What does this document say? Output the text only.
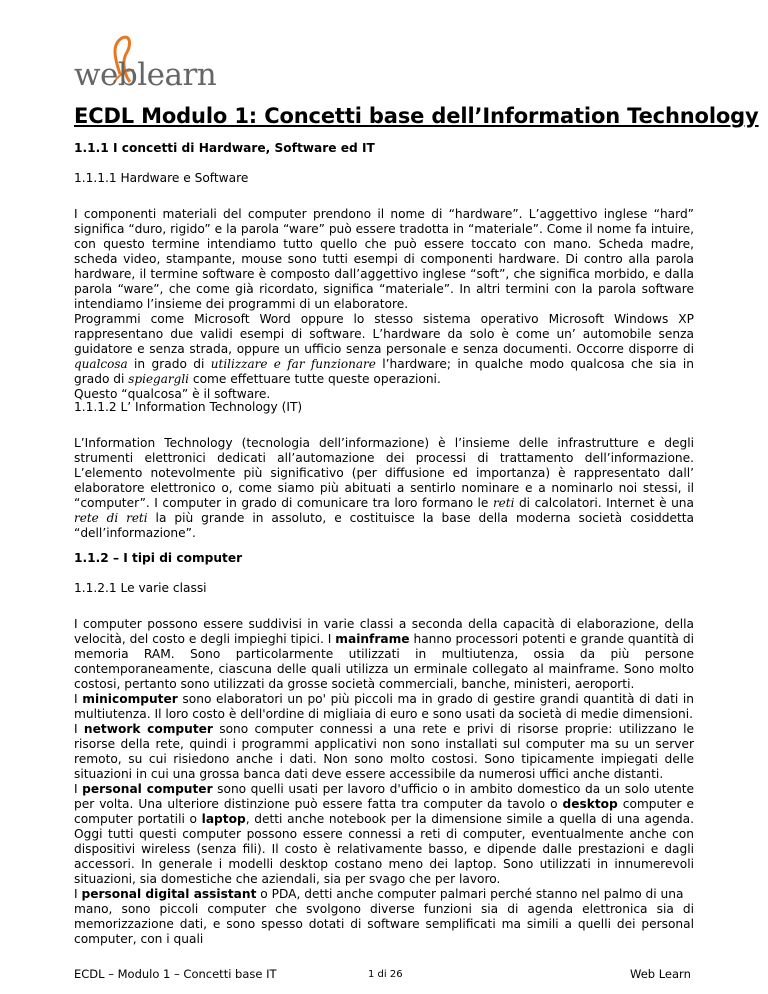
weblearn
ECDL Modulo 1: Concetti base dell’Information Technology

1.1.1 I concetti di Hardware, Software ed IT

1.1.1.1 Hardware e Software

I componenti materiali del computer prendono il nome di “hardware”. L’aggettivo inglese “hard” significa “duro, rigido” e la parola “ware” può essere tradotta in “materiale”. Come il nome fa intuire, con questo termine intendiamo tutto quello che può essere toccato con mano. Scheda madre, scheda video, stampante, mouse sono tutti esempi di componenti hardware. Di contro alla parola hardware, il termine software è composto dall’aggettivo inglese “soft”, che significa morbido, e dalla parola “ware”, che come già ricordato, significa “materiale”. In altri termini con la parola software intendiamo l’insieme dei programmi di un elaboratore.

Programmi come Microsoft Word oppure lo stesso sistema operativo Microsoft Windows XP rappresentano due validi esempi di software. L’hardware da solo è come un’ automobile senza guidatore e senza strada, oppure un ufficio senza personale e senza documenti. Occorre disporre di qualcosa in grado di utilizzare e far funzionare l’hardware; in qualche modo qualcosa che sia in grado di spiegargli come effettuare tutte queste operazioni.

Questo “qualcosa” è il software.

1.1.1.2 L’ Information Technology (IT)

L’Information Technology (tecnologia dell’informazione) è l’insieme delle infrastrutture e degli strumenti elettronici dedicati all’automazione dei processi di trattamento dell’informazione. L’elemento notevolmente più significativo (per diffusione ed importanza) è rappresentato dall’ elaboratore elettronico o, come siamo più abituati a sentirlo nominare e a nominarlo noi stessi, il “computer”. I computer in grado di comunicare tra loro formano le reti di calcolatori. Internet è una rete di reti la più grande in assoluto, e costituisce la base della moderna società cosiddetta “dell’informazione”.

1.1.2 – I tipi di computer

1.1.2.1 Le varie classi

I computer possono essere suddivisi in varie classi a seconda della capacità di elaborazione, della velocità, del costo e degli impieghi tipici. I mainframe hanno processori potenti e grande quantità di memoria RAM. Sono particolarmente utilizzati in multiutenza, ossia da più persone contemporaneamente, ciascuna delle quali utilizza un erminale collegato al mainframe. Sono molto costosi, pertanto sono utilizzati da grosse società commerciali, banche, ministeri, aeroporti.

I minicomputer sono elaboratori un po' più piccoli ma in grado di gestire grandi quantità di dati in multiutenza. Il loro costo è dell'ordine di migliaia di euro e sono usati da società di medie dimensioni.

I network computer sono computer connessi a una rete e privi di risorse proprie: utilizzano le risorse della rete, quindi i programmi applicativi non sono installati sul computer ma su un server remoto, su cui risiedono anche i dati. Non sono molto costosi. Sono tipicamente impiegati delle situazioni in cui una grossa banca dati deve essere accessibile da numerosi uffici anche distanti.

I personal computer sono quelli usati per lavoro d'ufficio o in ambito domestico da un solo utente per volta. Una ulteriore distinzione può essere fatta tra computer da tavolo o desktop computer e computer portatili o laptop, detti anche notebook per la dimensione simile a quella di una agenda. Oggi tutti questi computer possono essere connessi a reti di computer, eventualmente anche con dispositivi wireless (senza fili). Il costo è relativamente basso, e dipende dalle prestazioni e dagli accessori. In generale i modelli desktop costano meno dei laptop. Sono utilizzati in innumerevoli situazioni, sia domestiche che aziendali, sia per svago che per lavoro.

I personal digital assistant o PDA, detti anche computer palmari perché stanno nel palmo di una

mano, sono piccoli computer che svolgono diverse funzioni sia di agenda elettronica sia di memorizzazione dati, e sono spesso dotati di software semplificati ma simili a quelli dei personal computer, con i quali

ECDL – Modulo 1 – Concetti base IT	1 di 26	Web Learn
